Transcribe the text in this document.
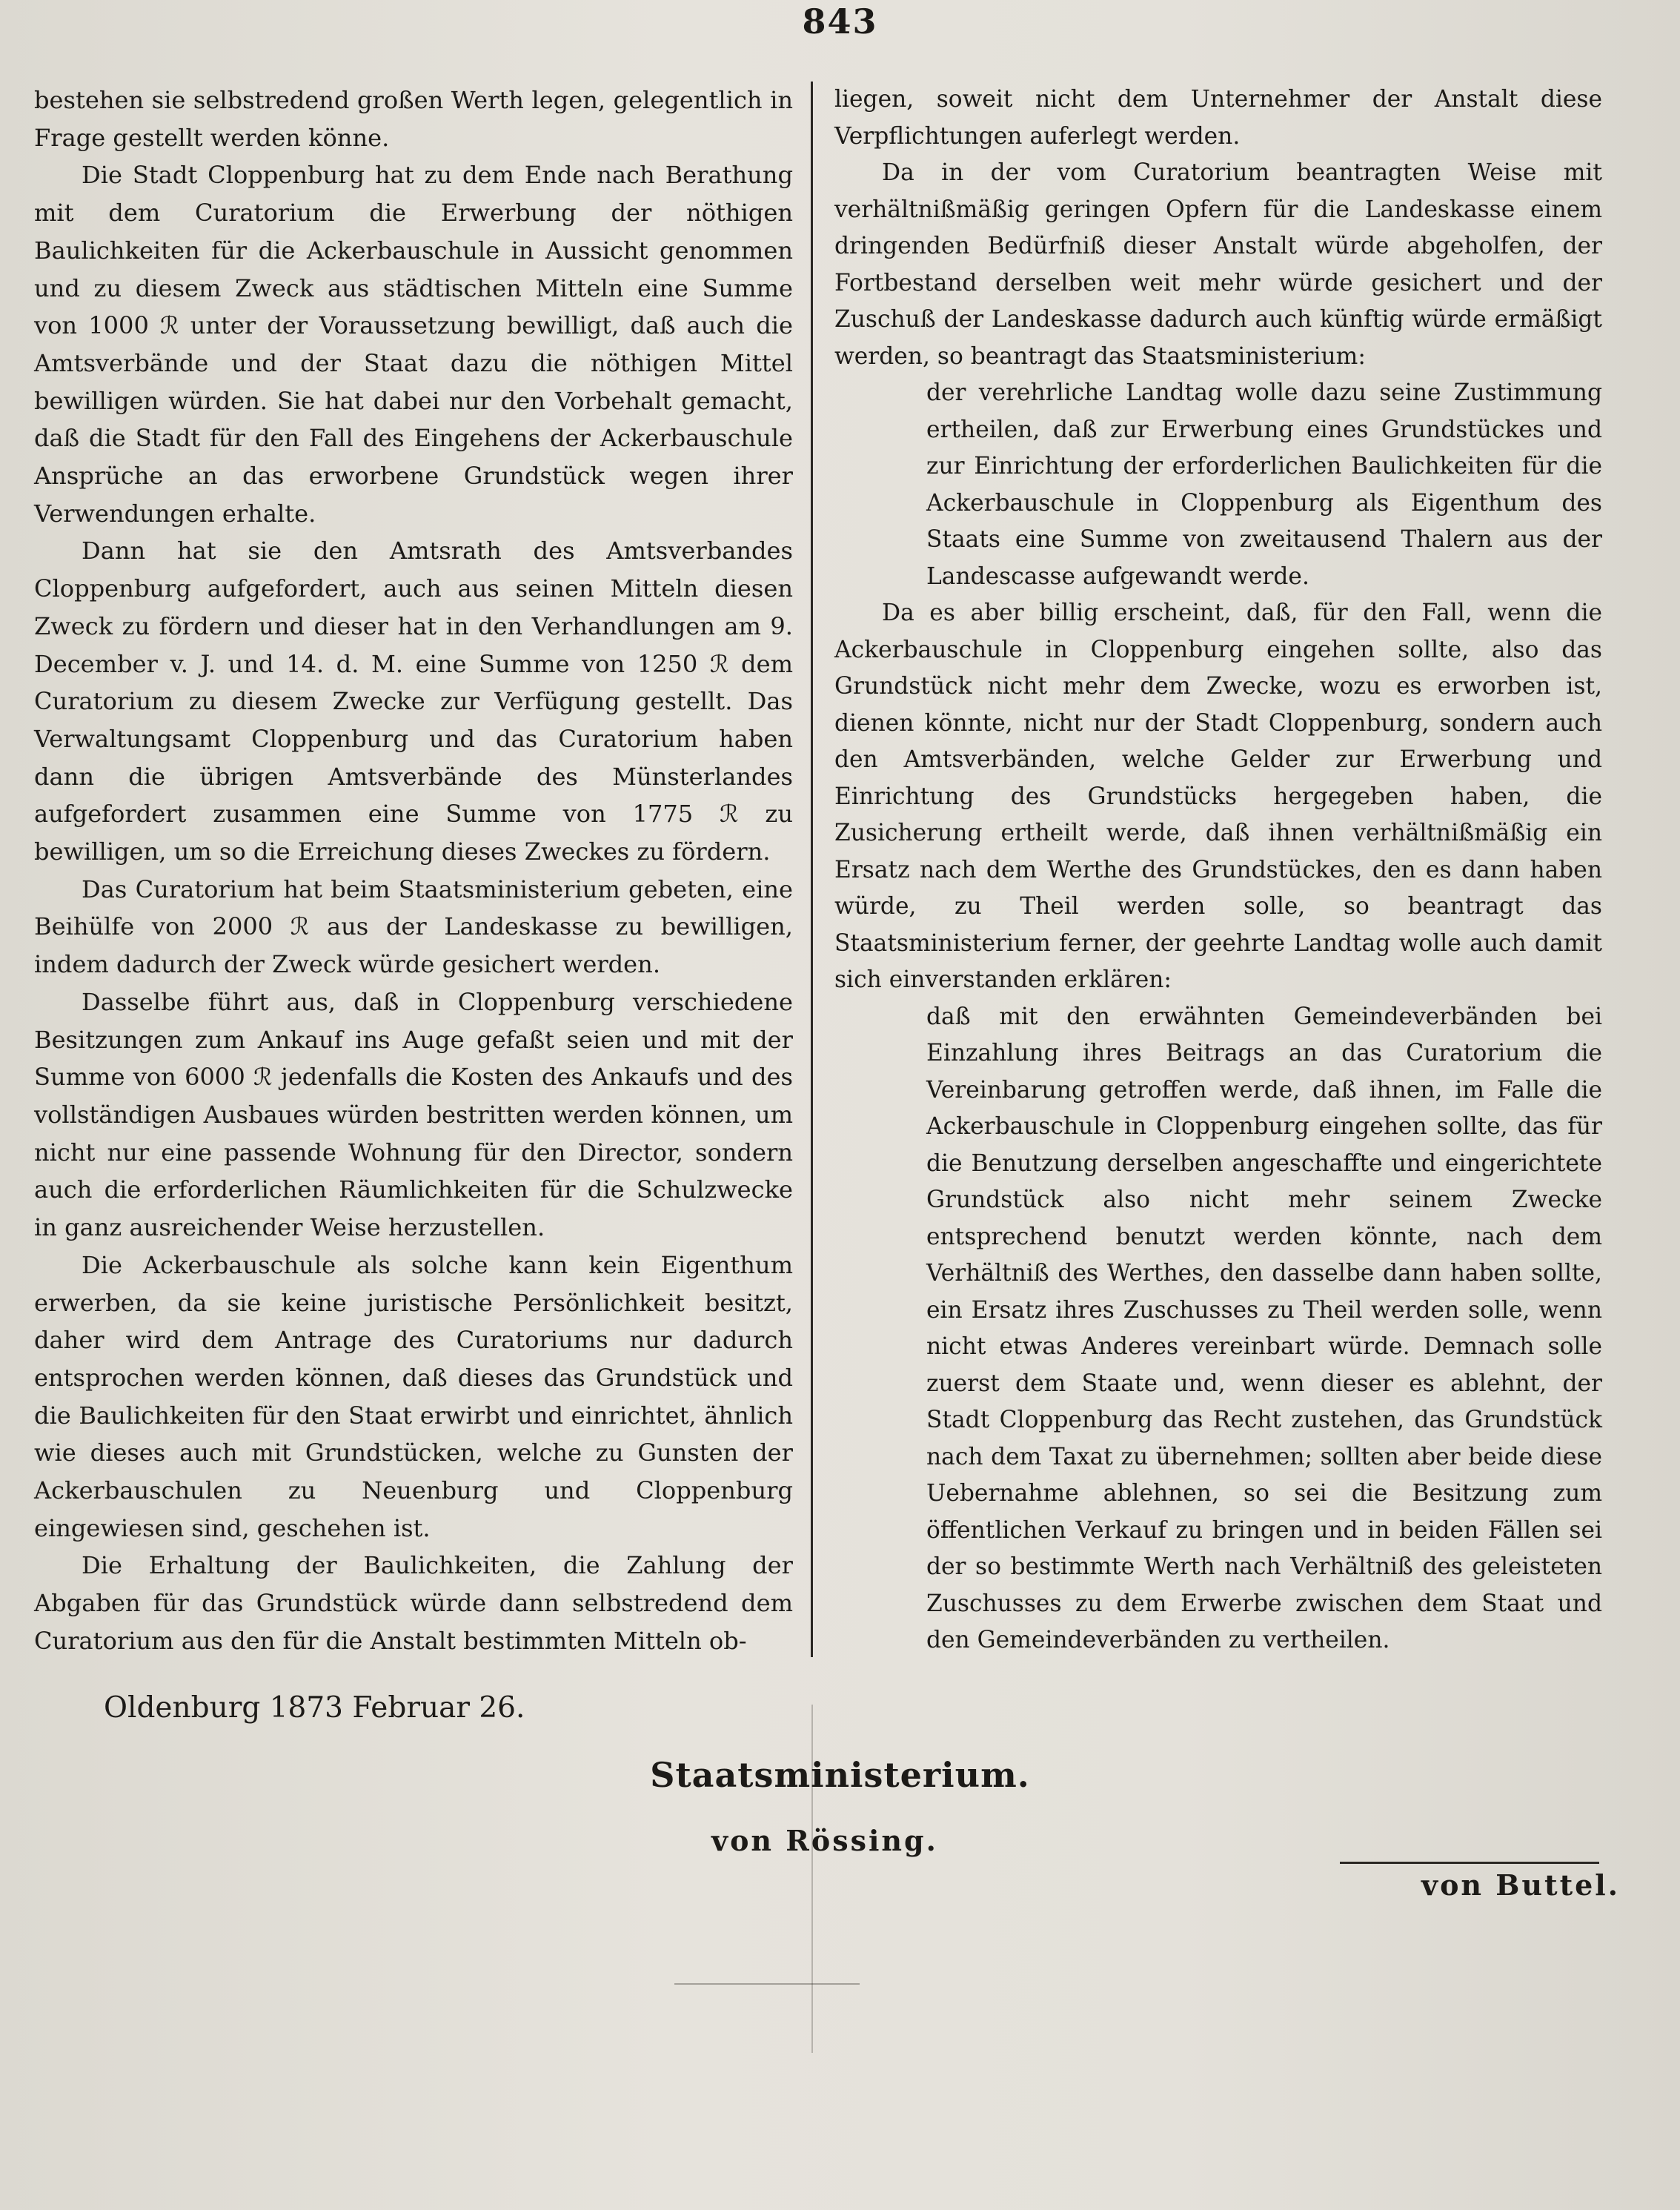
843

bestehen sie selbstredend großen Werth legen, gelegentlich in Frage gestellt werden könne.

Die Stadt Cloppenburg hat zu dem Ende nach Berathung mit dem Curatorium die Erwerbung der nöthigen Baulichkeiten für die Ackerbauschule in Aussicht genommen und zu diesem Zweck aus städtischen Mitteln eine Summe von 1000 ℛ unter der Voraussetzung bewilligt, daß auch die Amtsverbände und der Staat dazu die nöthigen Mittel bewilligen würden. Sie hat dabei nur den Vorbehalt gemacht, daß die Stadt für den Fall des Eingehens der Ackerbauschule Ansprüche an das erworbene Grundstück wegen ihrer Verwendungen erhalte.

Dann hat sie den Amtsrath des Amtsverbandes Cloppenburg aufgefordert, auch aus seinen Mitteln diesen Zweck zu fördern und dieser hat in den Verhandlungen am 9. December v. J. und 14. d. M. eine Summe von 1250 ℛ dem Curatorium zu diesem Zwecke zur Verfügung gestellt. Das Verwaltungsamt Cloppenburg und das Curatorium haben dann die übrigen Amtsverbände des Münsterlandes aufgefordert zusammen eine Summe von 1775 ℛ zu bewilligen, um so die Erreichung dieses Zweckes zu fördern.

Das Curatorium hat beim Staatsministerium gebeten, eine Beihülfe von 2000 ℛ aus der Landeskasse zu bewilligen, indem dadurch der Zweck würde gesichert werden.

Dasselbe führt aus, daß in Cloppenburg verschiedene Besitzungen zum Ankauf ins Auge gefaßt seien und mit der Summe von 6000 ℛ jedenfalls die Kosten des Ankaufs und des vollständigen Ausbaues würden bestritten werden können, um nicht nur eine passende Wohnung für den Director, sondern auch die erforderlichen Räumlichkeiten für die Schulzwecke in ganz ausreichender Weise herzustellen.

Die Ackerbauschule als solche kann kein Eigenthum erwerben, da sie keine juristische Persönlichkeit besitzt, daher wird dem Antrage des Curatoriums nur dadurch entsprochen werden können, daß dieses das Grundstück und die Baulichkeiten für den Staat erwirbt und einrichtet, ähnlich wie dieses auch mit Grundstücken, welche zu Gunsten der Ackerbauschulen zu Neuenburg und Cloppenburg eingewiesen sind, geschehen ist.

Die Erhaltung der Baulichkeiten, die Zahlung der Abgaben für das Grundstück würde dann selbstredend dem Curatorium aus den für die Anstalt bestimmten Mitteln ob-

liegen, soweit nicht dem Unternehmer der Anstalt diese Verpflichtungen auferlegt werden.

Da in der vom Curatorium beantragten Weise mit verhältnißmäßig geringen Opfern für die Landeskasse einem dringenden Bedürfniß dieser Anstalt würde abgeholfen, der Fortbestand derselben weit mehr würde gesichert und der Zuschuß der Landeskasse dadurch auch künftig würde ermäßigt werden, so beantragt das Staatsministerium:

der verehrliche Landtag wolle dazu seine Zustimmung ertheilen, daß zur Erwerbung eines Grundstückes und zur Einrichtung der erforderlichen Baulichkeiten für die Ackerbauschule in Cloppenburg als Eigenthum des Staats eine Summe von zweitausend Thalern aus der Landescasse aufgewandt werde.

Da es aber billig erscheint, daß, für den Fall, wenn die Ackerbauschule in Cloppenburg eingehen sollte, also das Grundstück nicht mehr dem Zwecke, wozu es erworben ist, dienen könnte, nicht nur der Stadt Cloppenburg, sondern auch den Amtsverbänden, welche Gelder zur Erwerbung und Einrichtung des Grundstücks hergegeben haben, die Zusicherung ertheilt werde, daß ihnen verhältnißmäßig ein Ersatz nach dem Werthe des Grundstückes, den es dann haben würde, zu Theil werden solle, so beantragt das Staatsministerium ferner, der geehrte Landtag wolle auch damit sich einverstanden erklären:

daß mit den erwähnten Gemeindeverbänden bei Einzahlung ihres Beitrags an das Curatorium die Vereinbarung getroffen werde, daß ihnen, im Falle die Ackerbauschule in Cloppenburg eingehen sollte, das für die Benutzung derselben angeschaffte und eingerichtete Grundstück also nicht mehr seinem Zwecke entsprechend benutzt werden könnte, nach dem Verhältniß des Werthes, den dasselbe dann haben sollte, ein Ersatz ihres Zuschusses zu Theil werden solle, wenn nicht etwas Anderes vereinbart würde. Demnach solle zuerst dem Staate und, wenn dieser es ablehnt, der Stadt Cloppenburg das Recht zustehen, das Grundstück nach dem Taxat zu übernehmen; sollten aber beide diese Uebernahme ablehnen, so sei die Besitzung zum öffentlichen Verkauf zu bringen und in beiden Fällen sei der so bestimmte Werth nach Verhältniß des geleisteten Zuschusses zu dem Erwerbe zwischen dem Staat und den Gemeindeverbänden zu vertheilen.

Oldenburg 1873 Februar 26.
Staatsministerium.
von Rössing.
von Buttel.
